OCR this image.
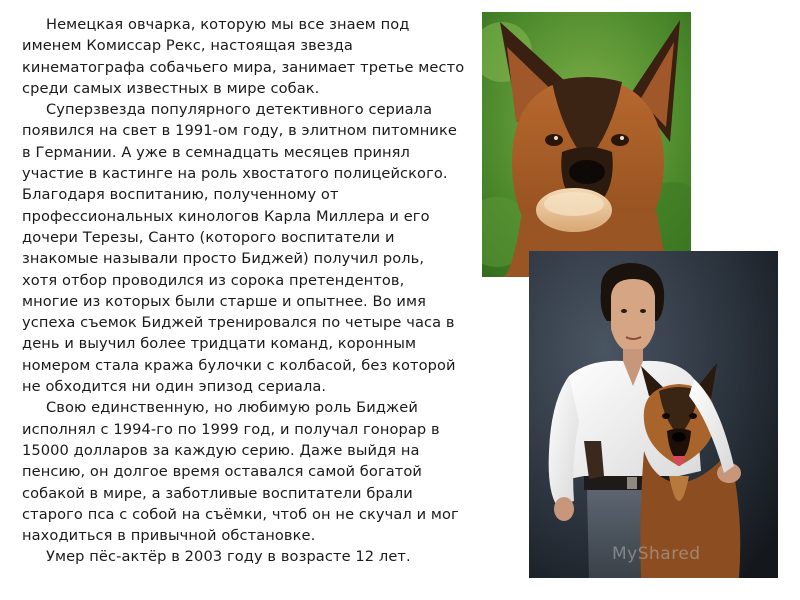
Немецкая овчарка, которую мы все знаем под
именем Комиссар Рекс, настоящая звезда
кинематографа собачьего мира, занимает третье место
среди самых известных в мире собак.
Суперзвезда популярного детективного сериала
появился на свет в 1991-ом году, в элитном питомнике
в Германии. А уже в семнадцать месяцев принял
участие в кастинге на роль хвостатого полицейского.
Благодаря воспитанию, полученному от
профессиональных кинологов Карла Миллера и его
дочери Терезы, Санто (которого воспитатели и
знакомые называли просто Биджей) получил роль,
хотя отбор проводился из сорока претендентов,
многие из которых были старше и опытнее. Во имя
успеха съемок Биджей тренировался по четыре часа в
день и выучил более тридцати команд, коронным
номером стала кража булочки с колбасой, без которой
не обходится ни один эпизод сериала.
Свою единственную, но любимую роль Биджей
исполнял с 1994-го по 1999 год, и получал гонорар в
15000 долларов за каждую серию. Даже выйдя на
пенсию, он долгое время оставался самой богатой
собакой в мире, а заботливые воспитатели брали
старого пса с собой на съёмки, чтоб он не скучал и мог
находиться в привычной обстановке.
Умер пёс-актёр в 2003 году в возрасте 12 лет.	MyShared
